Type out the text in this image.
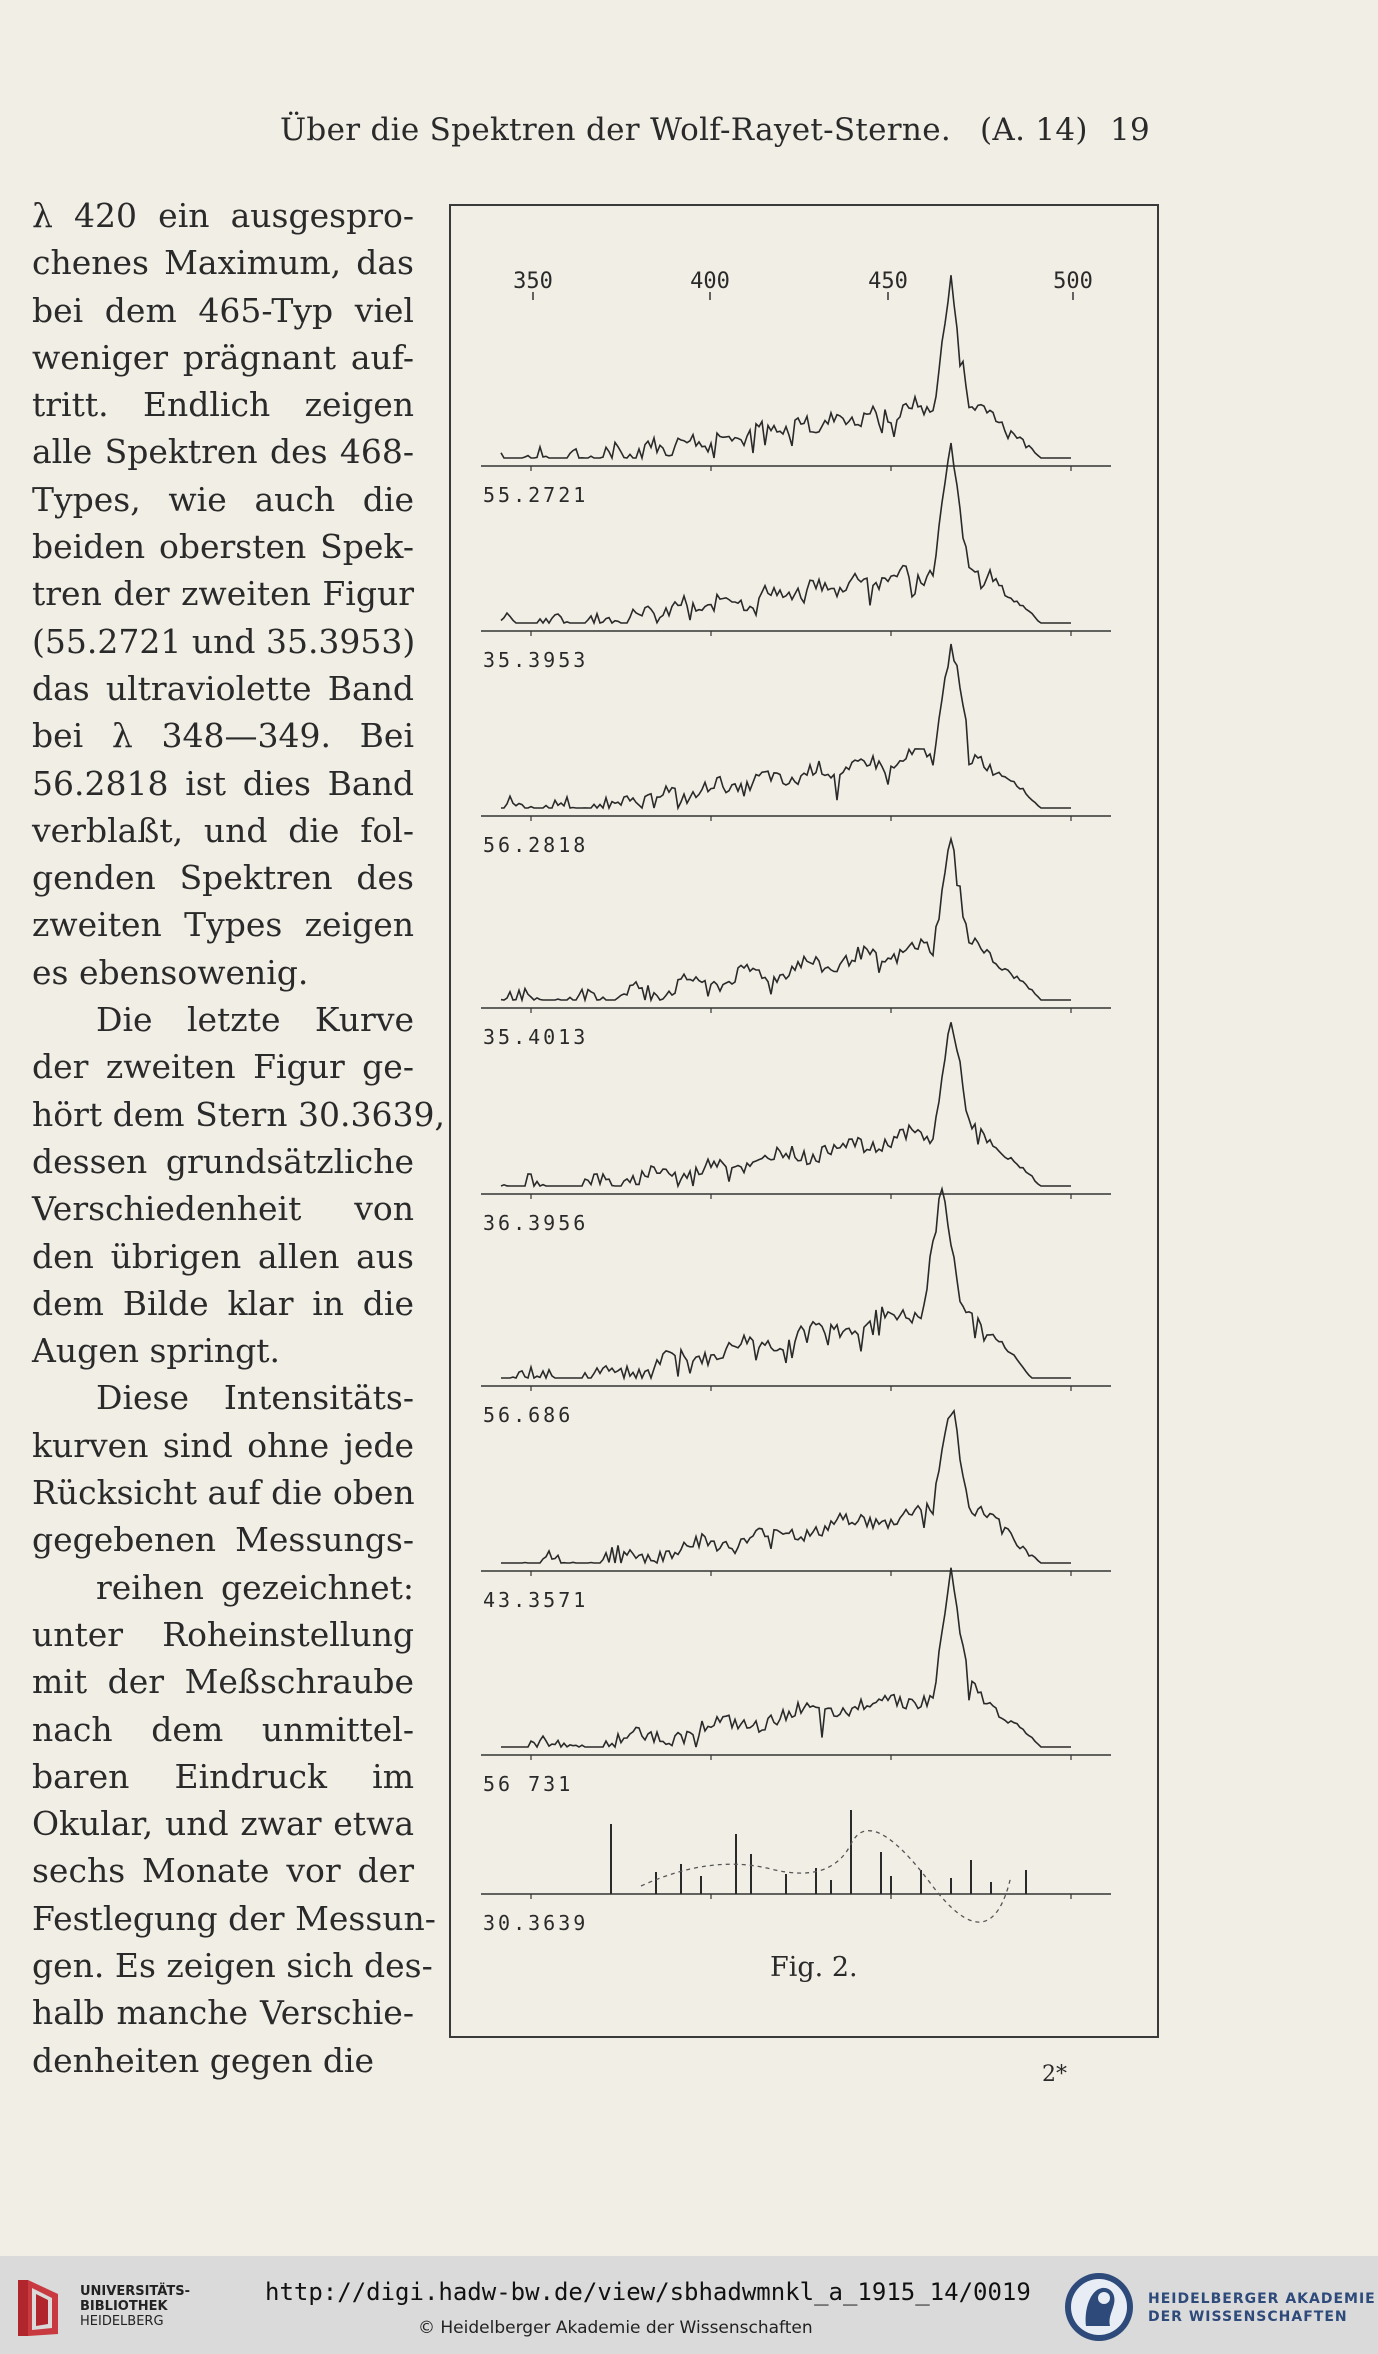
Über die Spektren der Wolf-Rayet-Sterne. (A. 14) 19
λ 420 ein ausgespro-
chenes Maximum, das
bei dem 465-Typ viel
weniger prägnant auf-
tritt. Endlich zeigen
alle Spektren des 468-
Types, wie auch die
beiden obersten Spek-
tren der zweiten Figur
(55.2721 und 35.3953)
das ultraviolette Band
bei λ 348—349. Bei
56.2818 ist dies Band
verblaßt, und die fol-
genden Spektren des
zweiten Types zeigen
es ebensowenig.
Die letzte Kurve
der zweiten Figur ge-
hört dem Stern 30.3639,
dessen grundsätzliche
Verschiedenheit von
den übrigen allen aus
dem Bilde klar in die
Augen springt.
Diese Intensitäts-
kurven sind ohne jede
Rücksicht auf die oben
gegebenen Messungs-
reihen gezeichnet:
unter Roheinstellung
mit der Meßschraube
nach dem unmittel-
baren Eindruck im
Okular, und zwar etwa
sechs Monate vor der
Festlegung der Messun-
gen. Es zeigen sich des-
halb manche Verschie-
denheiten gegen die
350	400	450	500
55.2721
35.3953
56.2818
35.4013
36.3956
56.686
43.3571
56 731
30.3639
Fig. 2.
2*
UNIVERSITÄTS-
BIBLIOTHEK
HEIDELBERG
http://digi.hadw-bw.de/view/sbhadwmnkl_a_1915_14/0019
© Heidelberger Akademie der Wissenschaften
HEIDELBERGER AKADEMIE
DER WISSENSCHAFTEN
